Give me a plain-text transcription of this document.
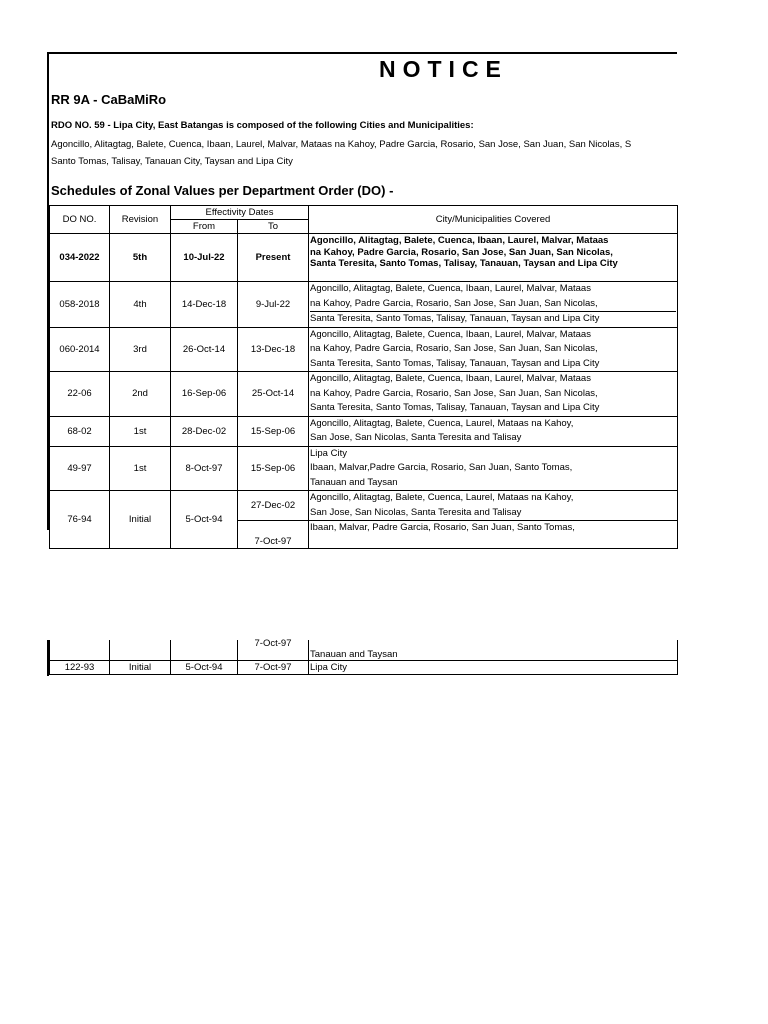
NOTICE
RR 9A - CaBaMiRo
RDO NO. 59 - Lipa City, East Batangas is composed of the following Cities and Municipalities:
Agoncillo, Alitagtag, Balete, Cuenca, Ibaan, Laurel, Malvar, Mataas na Kahoy, Padre Garcia, Rosario, San Jose, San Juan, San Nicolas, S
Santo Tomas, Talisay, Tanauan City, Taysan and Lipa City
Schedules of Zonal Values per Department Order (DO) -
DO NO.	Revision	Effectivity Dates		City/Municipalities Covered
		From	To	
034-2022	5th	10-Jul-22	Present	Agoncillo, Alitagtag, Balete, Cuenca, Ibaan, Laurel, Malvar, Mataas
na Kahoy, Padre Garcia, Rosario, San Jose, San Juan, San Nicolas,
Santa Teresita, Santo Tomas, Talisay, Tanauan, Taysan and Lipa City

058-2018	4th	14-Dec-18	9-Jul-22	Agoncillo, Alitagtag, Balete, Cuenca, Ibaan, Laurel, Malvar, Mataas
na Kahoy, Padre Garcia, Rosario, San Jose, San Juan, San Nicolas,
Santa Teresita, Santo Tomas, Talisay, Tanauan, Taysan and Lipa City

060-2014	3rd	26-Oct-14	13-Dec-18	Agoncillo, Alitagtag, Balete, Cuenca, Ibaan, Laurel, Malvar, Mataas
na Kahoy, Padre Garcia, Rosario, San Jose, San Juan, San Nicolas,
Santa Teresita, Santo Tomas, Talisay, Tanauan, Taysan and Lipa City

22-06	2nd	16-Sep-06	25-Oct-14	Agoncillo, Alitagtag, Balete, Cuenca, Ibaan, Laurel, Malvar, Mataas
na Kahoy, Padre Garcia, Rosario, San Jose, San Juan, San Nicolas,
Santa Teresita, Santo Tomas, Talisay, Tanauan, Taysan and Lipa City

68-02	1st	28-Dec-02	15-Sep-06	Agoncillo, Alitagtag, Balete, Cuenca, Laurel, Mataas na Kahoy,
San Jose, San Nicolas, Santa Teresita and Talisay

49-97	1st	8-Oct-97	15-Sep-06	Lipa City
Ibaan, Malvar,Padre Garcia, Rosario, San Juan, Santo Tomas,
Tanauan and Taysan

76-94	Initial	5-Oct-94	27-Dec-02	Agoncillo, Alitagtag, Balete, Cuenca, Laurel, Mataas na Kahoy,
San Jose, San Nicolas, Santa Teresita and Talisay

			7-Oct-97	Ibaan, Malvar, Padre Garcia, Rosario, San Juan, Santo Tomas,
			7-Oct-97	Tanauan and Taysan
122-93	Initial	5-Oct-94	7-Oct-97	Lipa City
